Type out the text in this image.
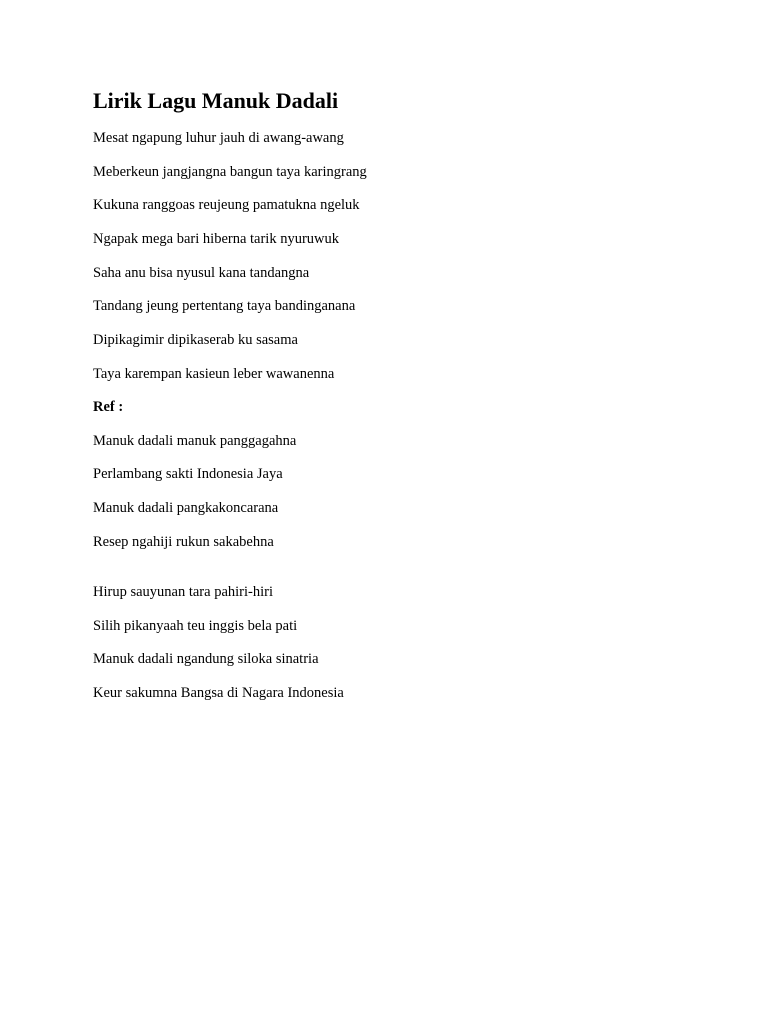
Lirik Lagu Manuk Dadali

Mesat ngapung luhur jauh di awang-awang

Meberkeun jangjangna bangun taya karingrang

Kukuna ranggoas reujeung pamatukna ngeluk

Ngapak mega bari hiberna tarik nyuruwuk

Saha anu bisa nyusul kana tandangna

Tandang jeung pertentang taya bandinganana

Dipikagimir dipikaserab ku sasama

Taya karempan kasieun leber wawanenna

Ref :

Manuk dadali manuk panggagahna

Perlambang sakti Indonesia Jaya

Manuk dadali pangkakoncarana

Resep ngahiji rukun sakabehna

Hirup sauyunan tara pahiri-hiri

Silih pikanyaah teu inggis bela pati

Manuk dadali ngandung siloka sinatria

Keur sakumna Bangsa di Nagara Indonesia
